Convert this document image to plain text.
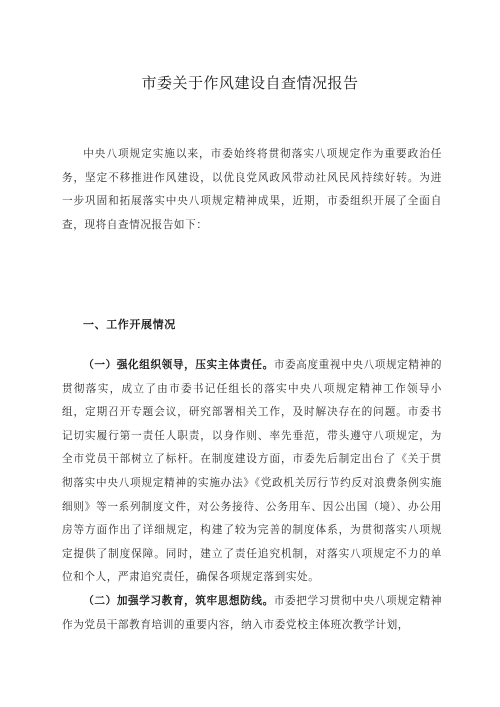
市委关于作风建设自查情况报告
中央八项规定实施以来，市委始终将贯彻落实八项规定作为重要政治任务，坚定不移推进作风建设，以优良党风政风带动社风民风持续好转。为进一步巩固和拓展落实中央八项规定精神成果，近期，市委组织开展了全面自查，现将自查情况报告如下：
一、工作开展情况
（一）强化组织领导，压实主体责任。市委高度重视中央八项规定精神的贯彻落实，成立了由市委书记任组长的落实中央八项规定精神工作领导小组，定期召开专题会议，研究部署相关工作，及时解决存在的问题。市委书记切实履行第一责任人职责，以身作则、率先垂范，带头遵守八项规定，为全市党员干部树立了标杆。在制度建设方面，市委先后制定出台了《关于贯彻落实中央八项规定精神的实施办法》《党政机关厉行节约反对浪费条例实施细则》等一系列制度文件，对公务接待、公务用车、因公出国（境）、办公用房等方面作出了详细规定，构建了较为完善的制度体系，为贯彻落实八项规定提供了制度保障。同时，建立了责任追究机制，对落实八项规定不力的单位和个人，严肃追究责任，确保各项规定落到实处。
（二）加强学习教育，筑牢思想防线。市委把学习贯彻中央八项规定精神作为党员干部教育培训的重要内容，纳入市委党校主体班次教学计划，
